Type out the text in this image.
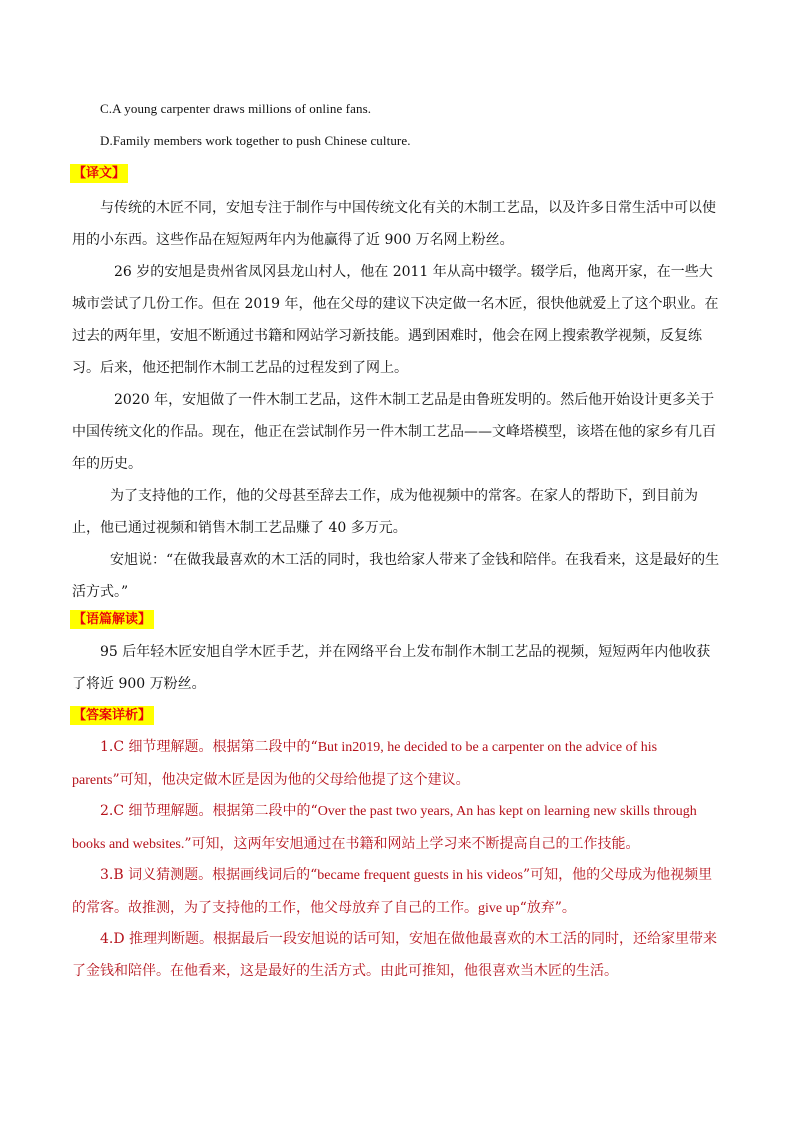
C.A young carpenter draws millions of online fans.
D.Family members work together to push Chinese culture.
【译文】

与传统的木匠不同，安旭专注于制作与中国传统文化有关的木制工艺品，以及许多日常生活中可以使用的小东西。这些作品在短短两年内为他赢得了近 900 万名网上粉丝。

26 岁的安旭是贵州省凤冈县龙山村人，他在 2011 年从高中辍学。辍学后，他离开家，在一些大城市尝试了几份工作。但在 2019 年，他在父母的建议下决定做一名木匠，很快他就爱上了这个职业。在过去的两年里，安旭不断通过书籍和网站学习新技能。遇到困难时，他会在网上搜索教学视频，反复练习。后来，他还把制作木制工艺品的过程发到了网上。

2020 年，安旭做了一件木制工艺品，这件木制工艺品是由鲁班发明的。然后他开始设计更多关于中国传统文化的作品。现在，他正在尝试制作另一件木制工艺品——文峰塔模型，该塔在他的家乡有几百年的历史。

为了支持他的工作，他的父母甚至辞去工作，成为他视频中的常客。在家人的帮助下，到目前为止，他已通过视频和销售木制工艺品赚了 40 多万元。

安旭说：“在做我最喜欢的木工活的同时，我也给家人带来了金钱和陪伴。在我看来，这是最好的生活方式。”

【语篇解读】

95 后年轻木匠安旭自学木匠手艺，并在网络平台上发布制作木制工艺品的视频，短短两年内他收获了将近 900 万粉丝。

【答案详析】

1.C 细节理解题。根据第二段中的“But in2019, he decided to be a carpenter on the advice of his parents”可知，他决定做木匠是因为他的父母给他提了这个建议。

2.C 细节理解题。根据第二段中的“Over the past two years, An has kept on learning new skills through books and websites.”可知，这两年安旭通过在书籍和网站上学习来不断提高自己的工作技能。

3.B 词义猜测题。根据画线词后的“became frequent guests in his videos”可知，他的父母成为他视频里的常客。故推测，为了支持他的工作，他父母放弃了自己的工作。give up“放弃”。

4.D 推理判断题。根据最后一段安旭说的话可知，安旭在做他最喜欢的木工活的同时，还给家里带来了金钱和陪伴。在他看来，这是最好的生活方式。由此可推知，他很喜欢当木匠的生活。
